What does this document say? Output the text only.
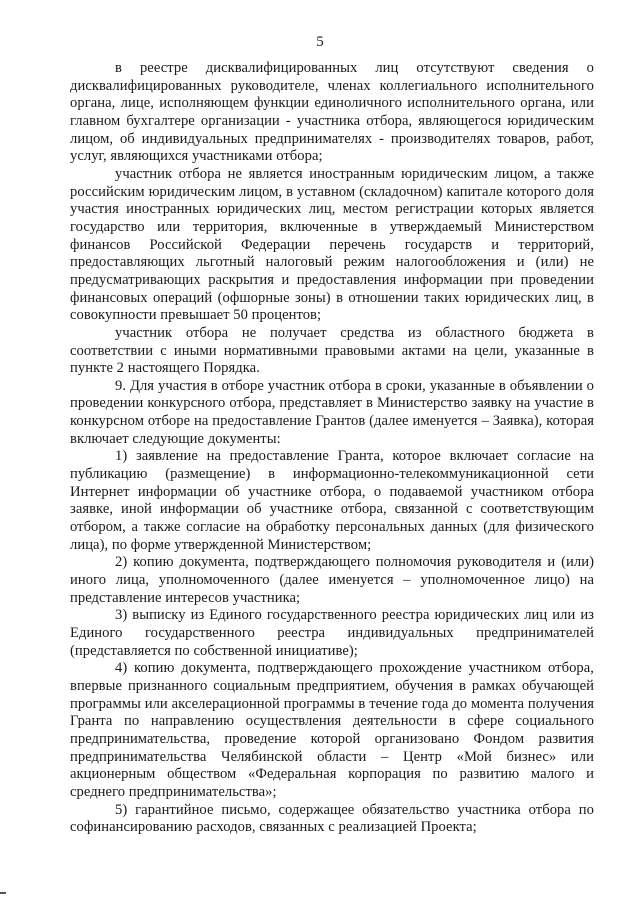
5

в реестре дисквалифицированных лиц отсутствуют сведения о дисквалифицированных руководителе, членах коллегиального исполнительного органа, лице, исполняющем функции единоличного исполнительного органа, или главном бухгалтере организации - участника отбора, являющегося юридическим лицом, об индивидуальных предпринимателях - производителях товаров, работ, услуг, являющихся участниками отбора;

участник отбора не является иностранным юридическим лицом, а также российским юридическим лицом, в уставном (складочном) капитале которого доля участия иностранных юридических лиц, местом регистрации которых является государство или территория, включенные в утверждаемый Министерством финансов Российской Федерации перечень государств и территорий, предоставляющих льготный налоговый режим налогообложения и (или) не предусматривающих раскрытия и предоставления информации при проведении финансовых операций (офшорные зоны) в отношении таких юридических лиц, в совокупности превышает 50 процентов;

участник отбора не получает средства из областного бюджета в соответствии с иными нормативными правовыми актами на цели, указанные в пункте 2 настоящего Порядка.

9. Для участия в отборе участник отбора в сроки, указанные в объявлении о проведении конкурсного отбора, представляет в Министерство заявку на участие в конкурсном отборе на предоставление Грантов (далее именуется – Заявка), которая включает следующие документы:

1) заявление на предоставление Гранта, которое включает согласие на публикацию (размещение) в информационно-телекоммуникационной сети Интернет информации об участнике отбора, о подаваемой участником отбора заявке, иной информации об участнике отбора, связанной с соответствующим отбором, а также согласие на обработку персональных данных (для физического лица), по форме утвержденной Министерством;

2) копию документа, подтверждающего полномочия руководителя и (или) иного лица, уполномоченного (далее именуется – уполномоченное лицо) на представление интересов участника;

3) выписку из Единого государственного реестра юридических лиц или из Единого государственного реестра индивидуальных предпринимателей (представляется по собственной инициативе);

4) копию документа, подтверждающего прохождение участником отбора, впервые признанного социальным предприятием, обучения в рамках обучающей программы или акселерационной программы в течение года до момента получения Гранта по направлению осуществления деятельности в сфере социального предпринимательства, проведение которой организовано Фондом развития предпринимательства Челябинской области – Центр «Мой бизнес» или акционерным обществом «Федеральная корпорация по развитию малого и среднего предпринимательства»;

5) гарантийное письмо, содержащее обязательство участника отбора по софинансированию расходов, связанных с реализацией Проекта;
